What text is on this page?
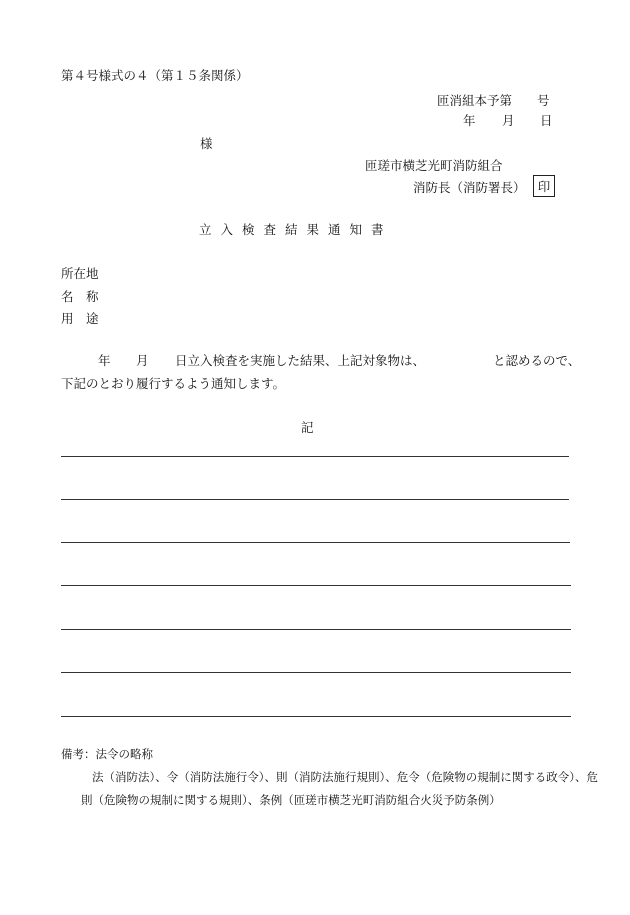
第４号様式の４（第１５条関係）
匝消組本予第　　号
年 月 日
様
匝瑳市横芝光町消防組合
消防長（消防署長） 印
立入検査結果通知書
所在地
名　称
用　途
年 月 日立入検査を実施した結果、上記対象物は、	と認めるので、
下記のとおり履行するよう通知します。
記
備考：法令の略称
法（消防法）、令（消防法施行令）、則（消防法施行規則）、危令（危険物の規制に関する政令）、危
則（危険物の規制に関する規則）、条例（匝瑳市横芝光町消防組合火災予防条例）
